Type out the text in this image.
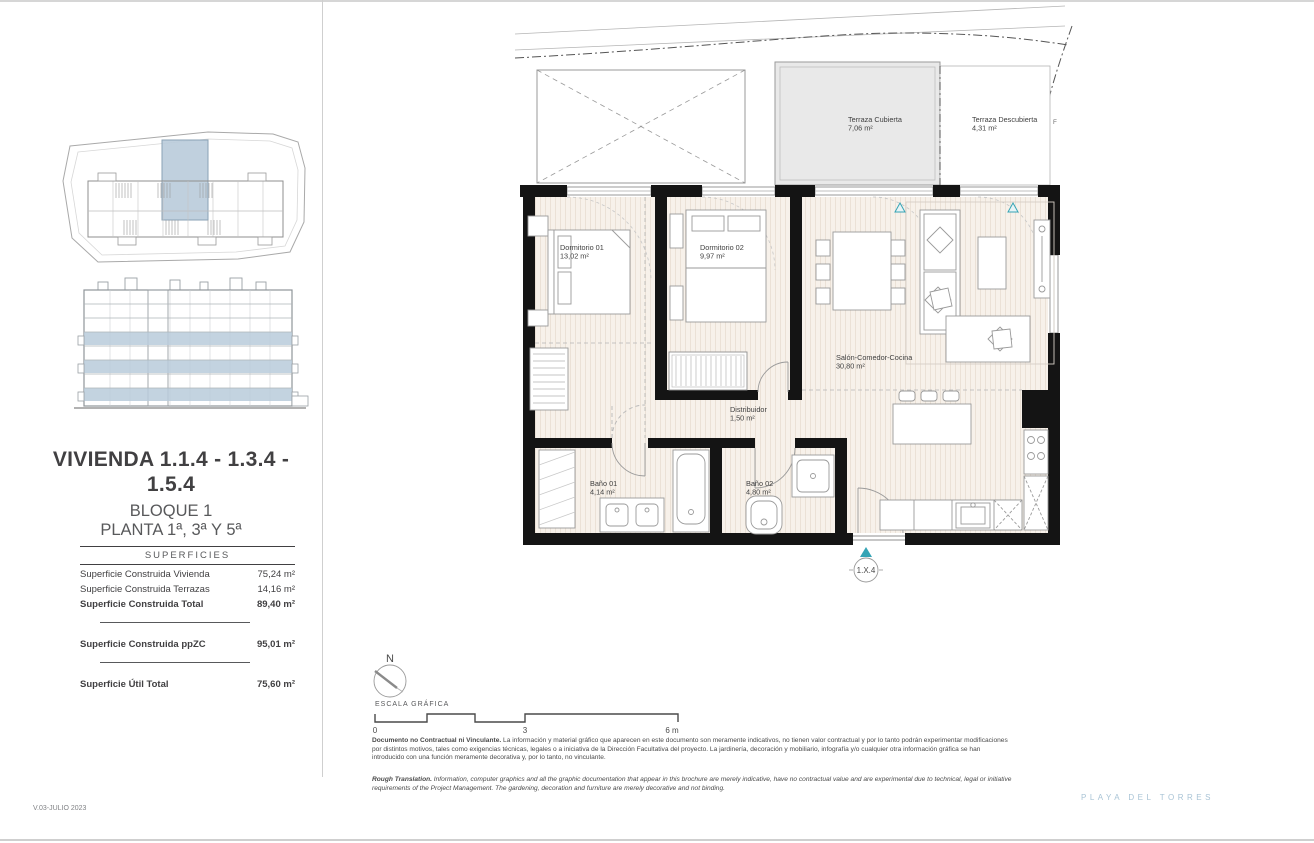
VIVIENDA 1.1.4 - 1.3.4 - 1.5.4
BLOQUE 1
PLANTA 1ª, 3ª Y 5ª
SUPERFICIES
Superficie Construida Vivienda	75,24 m²
Superficie Construida Terrazas	14,16 m²
Superficie Construida Total	89,40 m²
Superficie Construida ppZC	95,01 m²
Superficie Útil Total	75,60 m²
V.03-JULIO 2023
Terraza Cubierta 7,06 m²
Terraza Descubierta 4,31 m²
F
Dormitorio 01 13,02 m²
Dormitorio 02 9,97 m²
Salón-Comedor-Cocina 30,80 m²
Distribuidor 1,50 m²
Baño 01 4,14 m²
Baño 02 4,80 m²
1.X.4
N
ESCALA GRÁFICA
0	3	6 m
Documento no Contractual ni Vinculante. La información y material gráfico que aparecen en este documento son meramente indicativos, no tienen valor contractual y por lo tanto podrán experimentar modificaciones por distintos motivos, tales como exigencias técnicas, legales o a iniciativa de la Dirección Facultativa del proyecto. La jardinería, decoración y mobiliario, infografía y/o cualquier otra información gráfica se han introducido con una función meramente decorativa y, por lo tanto, no vinculante.
Rough Translation. Information, computer graphics and all the graphic documentation that appear in this brochure are merely indicative, have no contractual value and are experimental due to technical, legal or initiative requirements of the Project Management. The gardening, decoration and furniture are merely decorative and not binding.
PLAYA DEL TORRES
